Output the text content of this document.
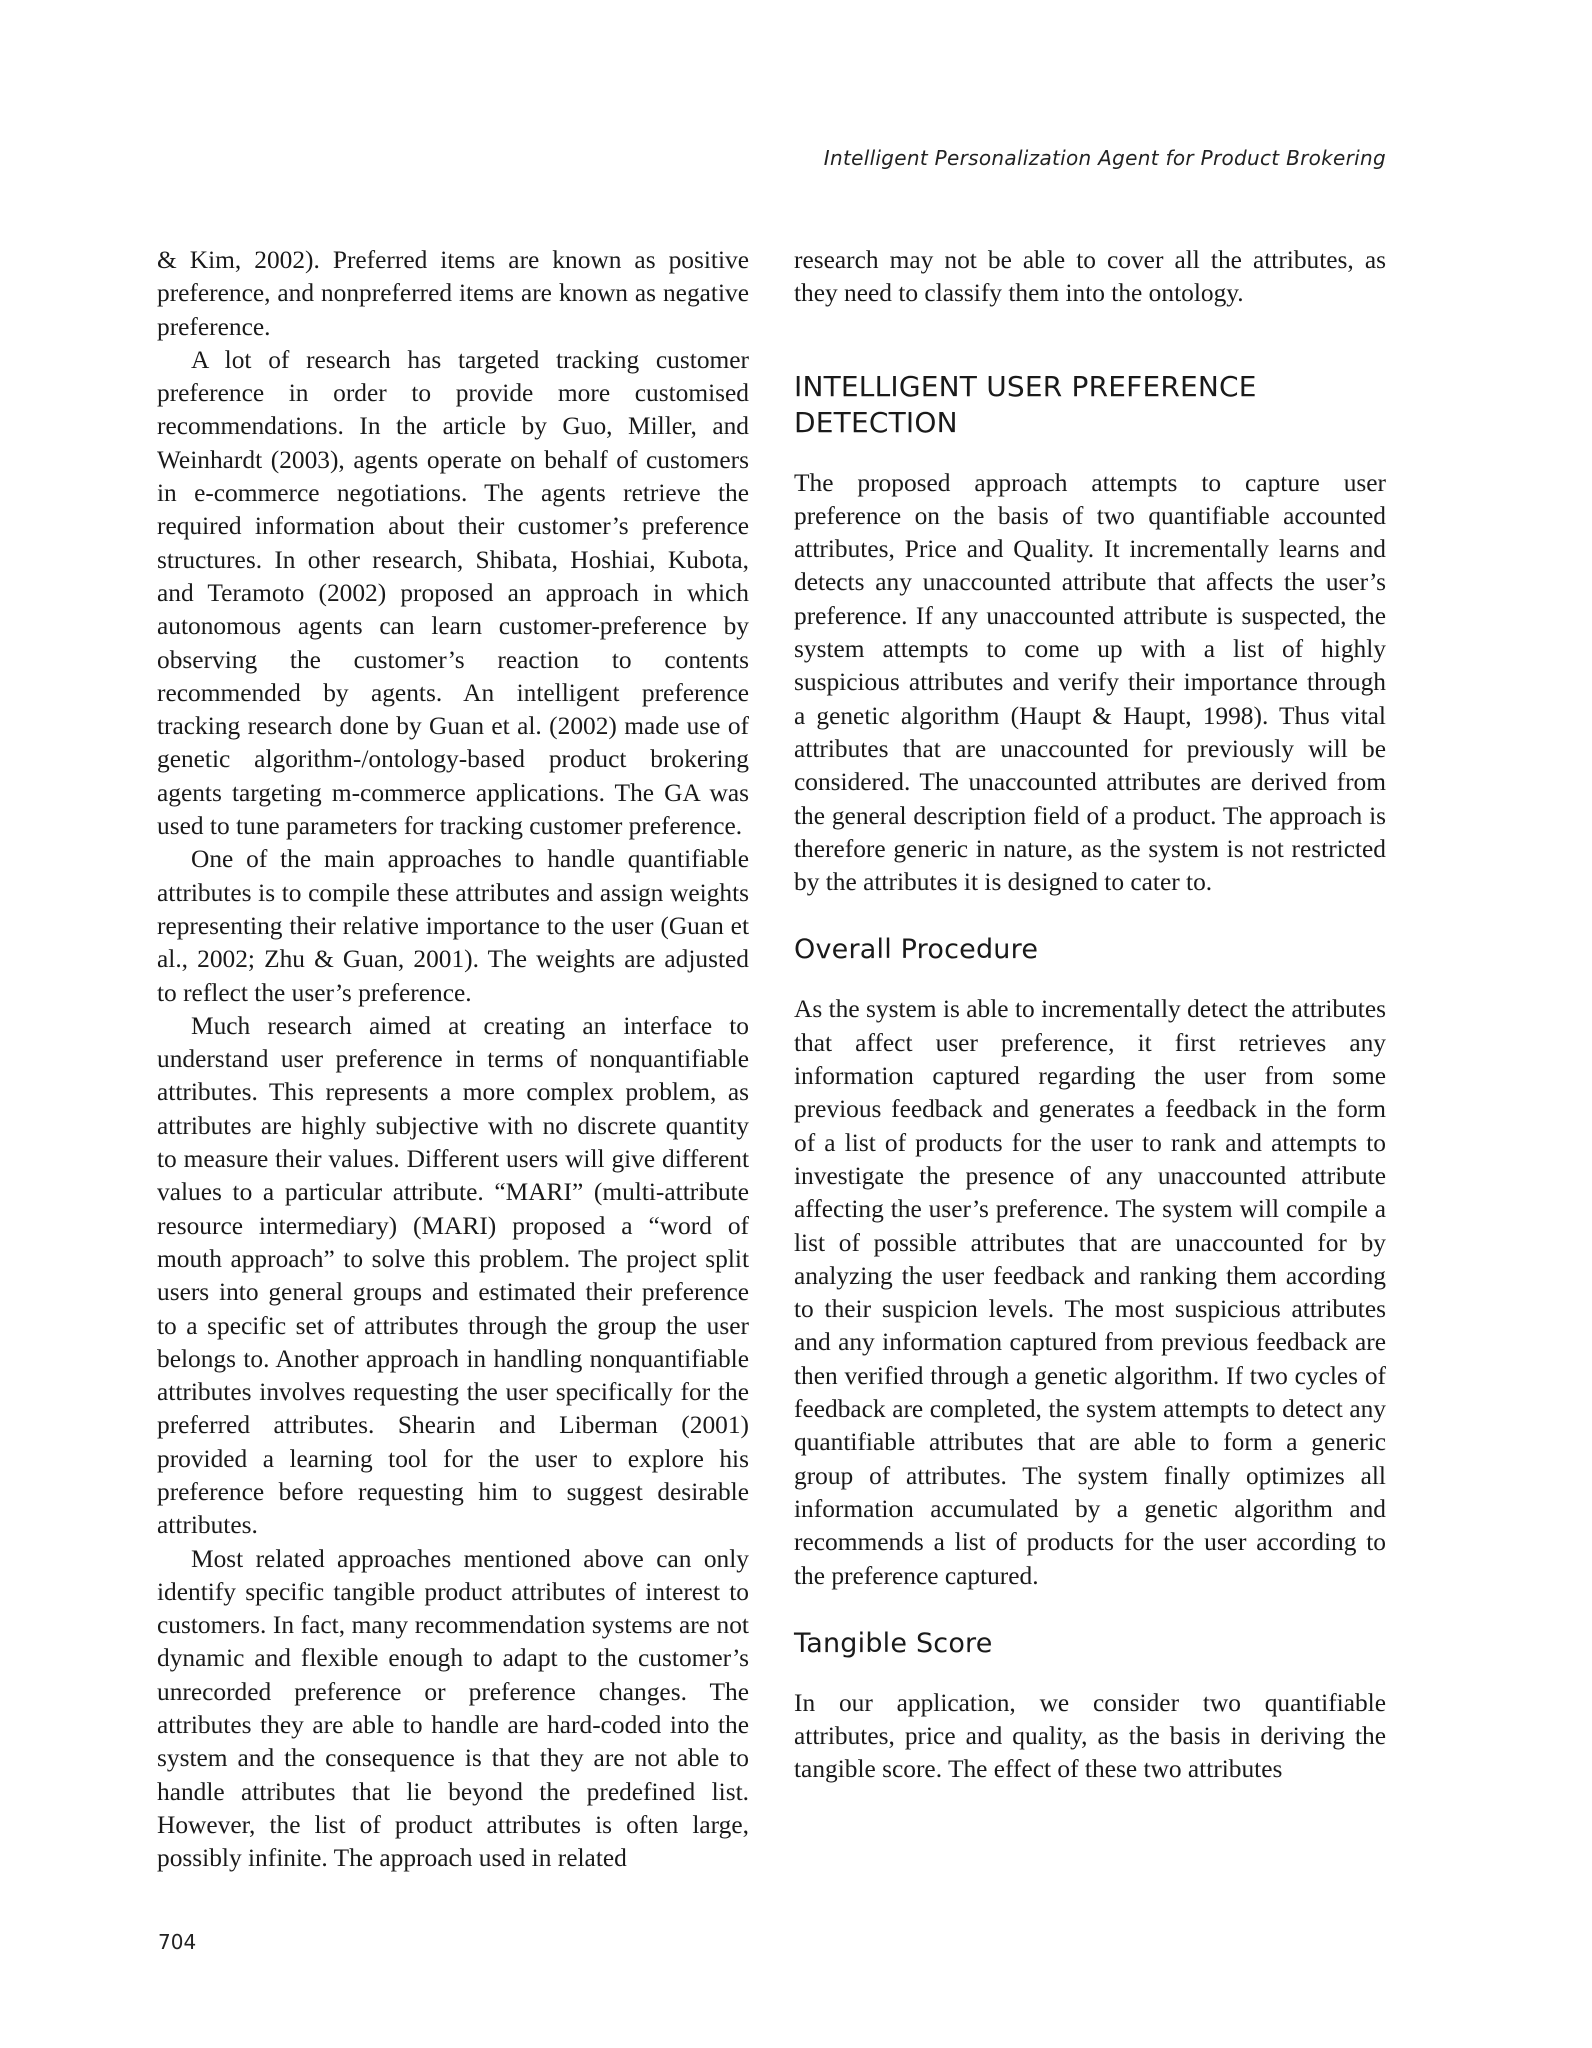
Intelligent Personalization Agent for Product Brokering

& Kim, 2002). Preferred items are known as positive preference, and nonpreferred items are known as negative preference.

A lot of research has targeted tracking customer preference in order to provide more customised recommendations. In the article by Guo, Miller, and Weinhardt (2003), agents operate on behalf of customers in e-commerce negotiations. The agents retrieve the required information about their customer’s preference structures. In other research, Shibata, Hoshiai, Kubota, and Teramoto (2002) proposed an approach in which autonomous agents can learn customer-preference by observing the customer’s reaction to contents recommended by agents. An intelligent preference tracking research done by Guan et al. (2002) made use of genetic algorithm-/ontology-based product brokering agents targeting m-commerce applications. The GA was used to tune parameters for tracking customer preference.

One of the main approaches to handle quantifiable attributes is to compile these attributes and assign weights representing their relative importance to the user (Guan et al., 2002; Zhu & Guan, 2001). The weights are adjusted to reflect the user’s preference.

Much research aimed at creating an interface to understand user preference in terms of nonquantifiable attributes. This represents a more complex problem, as attributes are highly subjective with no discrete quantity to measure their values. Different users will give different values to a particular attribute. “MARI” (multi-attribute resource intermediary) (MARI) proposed a “word of mouth approach” to solve this problem. The project split users into general groups and estimated their preference to a specific set of attributes through the group the user belongs to. Another approach in handling nonquantifiable attributes involves requesting the user specifically for the preferred attributes. Shearin and Liberman (2001) provided a learning tool for the user to explore his preference before requesting him to suggest desirable attributes.

Most related approaches mentioned above can only identify specific tangible product attributes of interest to customers. In fact, many recommendation systems are not dynamic and flexible enough to adapt to the customer’s unrecorded preference or preference changes. The attributes they are able to handle are hard-coded into the system and the consequence is that they are not able to handle attributes that lie beyond the predefined list. However, the list of product attributes is often large, possibly infinite. The approach used in related

research may not be able to cover all the attributes, as they need to classify them into the ontology.

INTELLIGENT USER PREFERENCE DETECTION

The proposed approach attempts to capture user preference on the basis of two quantifiable accounted attributes, Price and Quality. It incrementally learns and detects any unaccounted attribute that affects the user’s preference. If any unaccounted attribute is suspected, the system attempts to come up with a list of highly suspicious attributes and verify their importance through a genetic algorithm (Haupt & Haupt, 1998). Thus vital attributes that are unaccounted for previously will be considered. The unaccounted attributes are derived from the general description field of a product. The approach is therefore generic in nature, as the system is not restricted by the attributes it is designed to cater to.

Overall Procedure

As the system is able to incrementally detect the attributes that affect user preference, it first retrieves any information captured regarding the user from some previous feedback and generates a feedback in the form of a list of products for the user to rank and attempts to investigate the presence of any unaccounted attribute affecting the user’s preference. The system will compile a list of possible attributes that are unaccounted for by analyzing the user feedback and ranking them according to their suspicion levels. The most suspicious attributes and any information captured from previous feedback are then verified through a genetic algorithm. If two cycles of feedback are completed, the system attempts to detect any quantifiable attributes that are able to form a generic group of attributes. The system finally optimizes all information accumulated by a genetic algorithm and recommends a list of products for the user according to the preference captured.

Tangible Score

In our application, we consider two quantifiable attributes, price and quality, as the basis in deriving the tangible score. The effect of these two attributes

704
